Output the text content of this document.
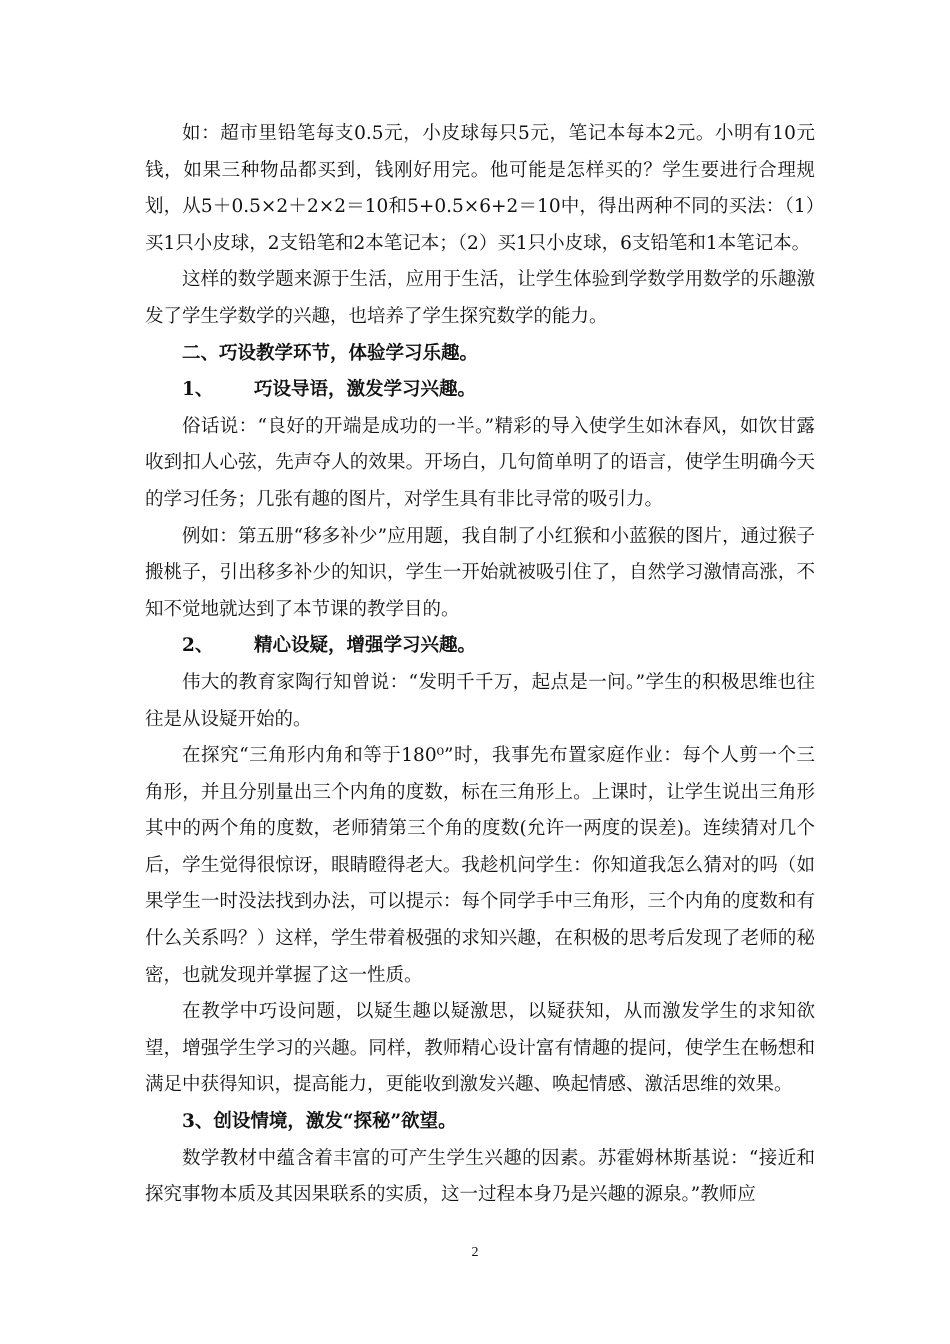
如：超市里铅笔每支0.5元，小皮球每只5元，笔记本每本2元。小明有10元钱，如果三种物品都买到，钱刚好用完。他可能是怎样买的？学生要进行合理规划，从5＋0.5×2＋2×2＝10和5+0.5×6+2＝10中，得出两种不同的买法：（1）买1只小皮球，2支铅笔和2本笔记本；（2）买1只小皮球，6支铅笔和1本笔记本。

这样的数学题来源于生活，应用于生活，让学生体验到学数学用数学的乐趣激发了学生学数学的兴趣，也培养了学生探究数学的能力。

二、巧设教学环节，体验学习乐趣。

1、 巧设导语，激发学习兴趣。

俗话说：“良好的开端是成功的一半。”精彩的导入使学生如沐春风，如饮甘露收到扣人心弦，先声夺人的效果。开场白，几句简单明了的语言，使学生明确今天的学习任务；几张有趣的图片，对学生具有非比寻常的吸引力。

例如：第五册“移多补少”应用题，我自制了小红猴和小蓝猴的图片，通过猴子搬桃子，引出移多补少的知识，学生一开始就被吸引住了，自然学习激情高涨，不知不觉地就达到了本节课的教学目的。

2、 精心设疑，增强学习兴趣。

伟大的教育家陶行知曾说：“发明千千万，起点是一问。”学生的积极思维也往往是从设疑开始的。

在探究“三角形内角和等于180⁰”时，我事先布置家庭作业：每个人剪一个三角形，并且分别量出三个内角的度数，标在三角形上。上课时，让学生说出三角形其中的两个角的度数，老师猜第三个角的度数(允许一两度的误差)。连续猜对几个后，学生觉得很惊讶，眼睛瞪得老大。我趁机问学生：你知道我怎么猜对的吗（如果学生一时没法找到办法，可以提示：每个同学手中三角形，三个内角的度数和有什么关系吗？）这样，学生带着极强的求知兴趣，在积极的思考后发现了老师的秘密，也就发现并掌握了这一性质。

在教学中巧设问题，以疑生趣以疑激思，以疑获知，从而激发学生的求知欲望，增强学生学习的兴趣。同样，教师精心设计富有情趣的提问，使学生在畅想和满足中获得知识，提高能力，更能收到激发兴趣、唤起情感、激活思维的效果。

3、创设情境，激发“探秘”欲望。

数学教材中蕴含着丰富的可产生学生兴趣的因素。苏霍姆林斯基说：“接近和探究事物本质及其因果联系的实质，这一过程本身乃是兴趣的源泉。”教师应

2
